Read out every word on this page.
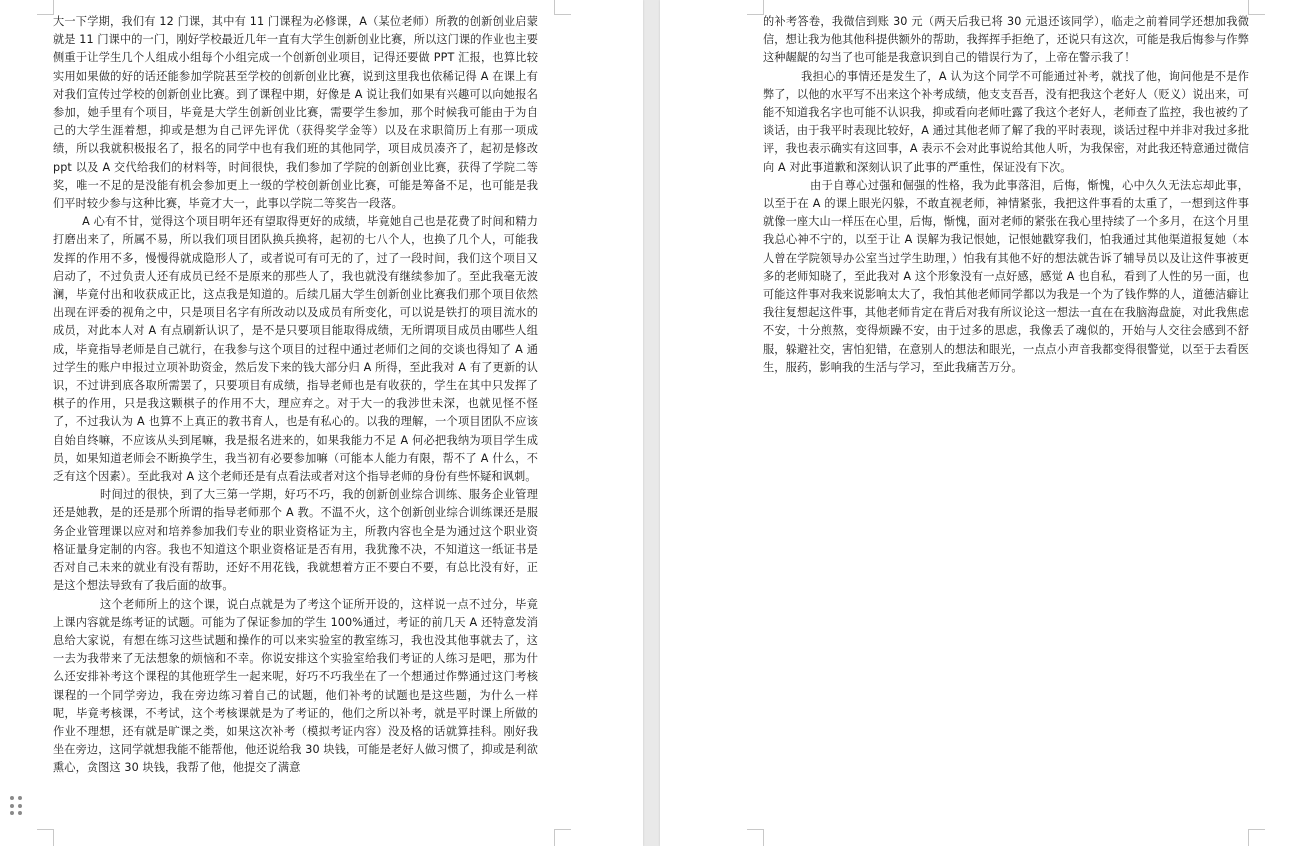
大一下学期，我们有 12 门课，其中有 11 门课程为必修课，A（某位老师）所教的创新创业启蒙就是 11 门课中的一门，刚好学校最近几年一直有大学生创新创业比赛，所以这门课的作业也主要侧重于让学生几个人组成小组每个小组完成一个创新创业项目，记得还要做 PPT 汇报，也算比较实用如果做的好的话还能参加学院甚至学校的创新创业比赛，说到这里我也依稀记得 A 在课上有对我们宣传过学校的创新创业比赛。到了课程中期，好像是 A 说让我们如果有兴趣可以向她报名参加，她手里有个项目，毕竟是大学生创新创业比赛，需要学生参加，那个时候我可能由于为自己的大学生涯着想，抑或是想为自己评先评优（获得奖学金等）以及在求职简历上有那一项成绩，所以我就积极报名了，报名的同学中也有我们班的其他同学，项目成员凑齐了，起初是修改 ppt 以及 A 交代给我们的材料等，时间很快，我们参加了学院的创新创业比赛，获得了学院二等奖，唯一不足的是没能有机会参加更上一级的学校创新创业比赛，可能是筹备不足，也可能是我们平时较少参与这种比赛，毕竟才大一，此事以学院二等奖告一段落。

A 心有不甘，觉得这个项目明年还有望取得更好的成绩，毕竟她自己也是花费了时间和精力打磨出来了，所属不易，所以我们项目团队换兵换将，起初的七八个人，也换了几个人，可能我发挥的作用不多，慢慢得就成隐形人了，或者说可有可无的了，过了一段时间，我们这个项目又启动了，不过负责人还有成员已经不是原来的那些人了，我也就没有继续参加了。至此我毫无波澜，毕竟付出和收获成正比，这点我是知道的。后续几届大学生创新创业比赛我们那个项目依然出现在评委的视角之中，只是项目名字有所改动以及成员有所变化，可以说是铁打的项目流水的成员，对此本人对 A 有点刷新认识了，是不是只要项目能取得成绩，无所谓项目成员由哪些人组成，毕竟指导老师是自己就行，在我参与这个项目的过程中通过老师们之间的交谈也得知了 A 通过学生的账户申报过立项补助资金，然后发下来的钱大部分归 A 所得，至此我对 A 有了更新的认识，不过讲到底各取所需罢了，只要项目有成绩，指导老师也是有收获的，学生在其中只发挥了棋子的作用，只是我这颗棋子的作用不大，理应弃之。对于大一的我涉世未深，也就见怪不怪了，不过我认为 A 也算不上真正的教书育人，也是有私心的。以我的理解，一个项目团队不应该自始自终嘛，不应该从头到尾嘛，我是报名进来的，如果我能力不足 A 何必把我纳为项目学生成员，如果知道老师会不断换学生，我当初有必要参加嘛（可能本人能力有限，帮不了 A 什么，不乏有这个因素）。至此我对 A 这个老师还是有点看法或者对这个指导老师的身份有些怀疑和讽刺。

时间过的很快，到了大三第一学期，好巧不巧，我的创新创业综合训练、服务企业管理还是她教，是的还是那个所谓的指导老师那个 A 教。不温不火，这个创新创业综合训练课还是服务企业管理课以应对和培养参加我们专业的职业资格证为主，所教内容也全是为通过这个职业资格证量身定制的内容。我也不知道这个职业资格证是否有用，我犹豫不决，不知道这一纸证书是否对自己未来的就业有没有帮助，还好不用花钱，我就想着方正不要白不要，有总比没有好，正是这个想法导致有了我后面的故事。

这个老师所上的这个课，说白点就是为了考这个证所开设的，这样说一点不过分，毕竟上课内容就是练考证的试题。可能为了保证参加的学生 100%通过，考证的前几天 A 还特意发消息给大家说，有想在练习这些试题和操作的可以来实验室的教室练习，我也没其他事就去了，这一去为我带来了无法想象的烦恼和不幸。你说安排这个实验室给我们考证的人练习是吧，那为什么还安排补考这个课程的其他班学生一起来呢，好巧不巧我坐在了一个想通过作弊通过这门考核课程的一个同学旁边，我在旁边练习着自己的试题，他们补考的试题也是这些题，为什么一样呢，毕竟考核课，不考试，这个考核课就是为了考证的，他们之所以补考，就是平时课上所做的作业不理想，还有就是旷课之类，如果这次补考（模拟考证内容）没及格的话就算挂科。刚好我坐在旁边，这同学就想我能不能帮他，他还说给我 30 块钱，可能是老好人做习惯了，抑或是利欲熏心，贪图这 30 块钱，我帮了他，他提交了满意

的补考答卷，我微信到账 30 元（两天后我已将 30 元退还该同学），临走之前着同学还想加我微信，想让我为他其他科提供额外的帮助，我挥挥手拒绝了，还说只有这次，可能是我后悔参与作弊这种龌龊的勾当了也可能是我意识到自己的错误行为了，上帝在警示我了！

我担心的事情还是发生了，A 认为这个同学不可能通过补考，就找了他，询问他是不是作弊了，以他的水平写不出来这个补考成绩，他支支吾吾，没有把我这个老好人（贬义）说出来，可能不知道我名字也可能不认识我，抑或看向老师吐露了我这个老好人，老师查了监控，我也被约了谈话，由于我平时表现比较好，A 通过其他老师了解了我的平时表现，谈话过程中并非对我过多批评，我也表示确实有这回事，A 表示不会对此事说给其他人听，为我保密，对此我还特意通过微信向 A 对此事道歉和深刻认识了此事的严重性，保证没有下次。

由于自尊心过强和倔强的性格，我为此事落泪，后悔，惭愧，心中久久无法忘却此事，以至于在 A 的课上眼光闪躲，不敢直视老师，神情紧张，我把这件事看的太重了，一想到这件事就像一座大山一样压在心里，后悔，惭愧，面对老师的紧张在我心里持续了一个多月，在这个月里我总心神不宁的，以至于让 A 误解为我记恨她，记恨她戳穿我们，怕我通过其他渠道报复她（本人曾在学院领导办公室当过学生助理，）怕我有其他不好的想法就告诉了辅导员以及让这件事被更多的老师知晓了，至此我对 A 这个形象没有一点好感，感觉 A 也自私，看到了人性的另一面，也可能这件事对我来说影响太大了，我怕其他老师同学都以为我是一个为了钱作弊的人，道德洁癖让我往复想起这件事，其他老师肯定在背后对我有所议论这一想法一直在在我脑海盘旋，对此我焦虑不安，十分煎熬，变得烦躁不安，由于过多的思虑，我像丢了魂似的，开始与人交往会感到不舒服，躲避社交，害怕犯错，在意别人的想法和眼光，一点点小声音我都变得很警觉，以至于去看医生，服药，影响我的生活与学习，至此我痛苦万分。
